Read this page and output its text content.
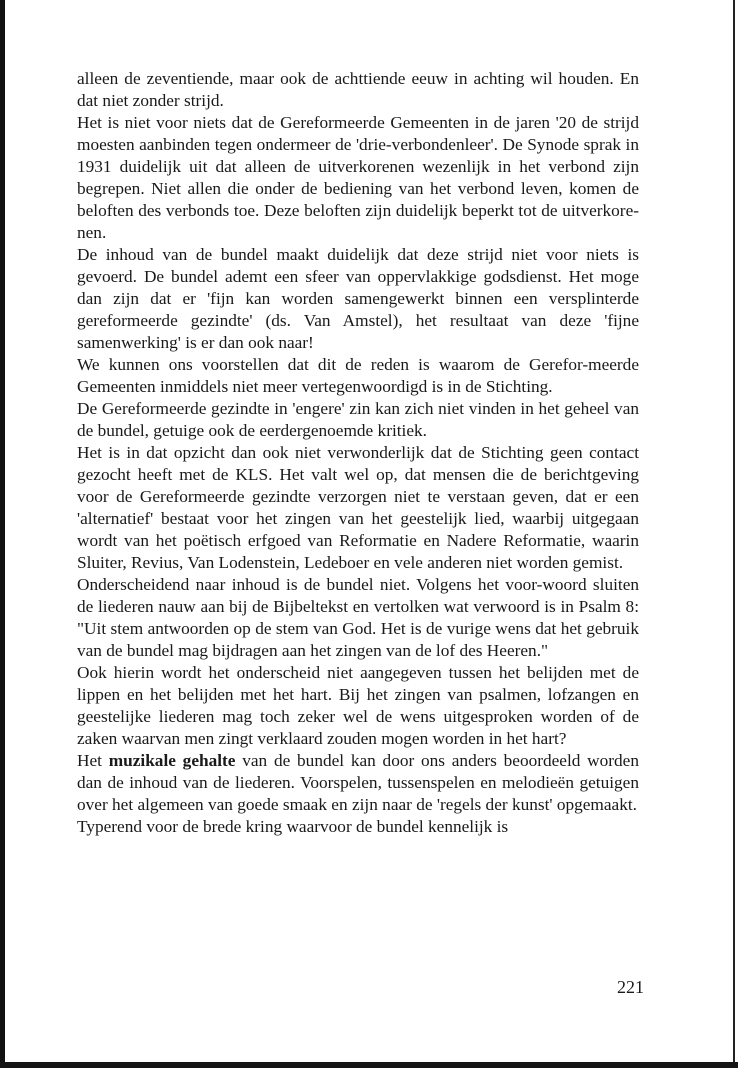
alleen de zeventiende, maar ook de achttiende eeuw in achting wil houden. En dat niet zonder strijd.

Het is niet voor niets dat de Gereformeerde Gemeenten in de jaren '20 de strijd moesten aanbinden tegen ondermeer de 'drie-verbondenleer'. De Synode sprak in 1931 duidelijk uit dat alleen de uitverkorenen wezenlijk in het verbond zijn begrepen. Niet allen die onder de bediening van het verbond leven, komen de beloften des verbonds toe. Deze beloften zijn duidelijk beperkt tot de uitverkore-nen.

De inhoud van de bundel maakt duidelijk dat deze strijd niet voor niets is gevoerd. De bundel ademt een sfeer van oppervlakkige godsdienst. Het moge dan zijn dat er 'fijn kan worden samengewerkt binnen een versplinterde gereformeerde gezindte' (ds. Van Amstel), het resultaat van deze 'fijne samenwerking' is er dan ook naar!

We kunnen ons voorstellen dat dit de reden is waarom de Gerefor-meerde Gemeenten inmiddels niet meer vertegenwoordigd is in de Stichting.

De Gereformeerde gezindte in 'engere' zin kan zich niet vinden in het geheel van de bundel, getuige ook de eerdergenoemde kritiek.

Het is in dat opzicht dan ook niet verwonderlijk dat de Stichting geen contact gezocht heeft met de KLS. Het valt wel op, dat mensen die de berichtgeving voor de Gereformeerde gezindte verzorgen niet te verstaan geven, dat er een 'alternatief' bestaat voor het zingen van het geestelijk lied, waarbij uitgegaan wordt van het poëtisch erfgoed van Reformatie en Nadere Reformatie, waarin Sluiter, Revius, Van Lodenstein, Ledeboer en vele anderen niet worden gemist.

Onderscheidend naar inhoud is de bundel niet. Volgens het voor-woord sluiten de liederen nauw aan bij de Bijbeltekst en vertolken wat verwoord is in Psalm 8: "Uit stem antwoorden op de stem van God. Het is de vurige wens dat het gebruik van de bundel mag bijdragen aan het zingen van de lof des Heeren."

Ook hierin wordt het onderscheid niet aangegeven tussen het belijden met de lippen en het belijden met het hart. Bij het zingen van psalmen, lofzangen en geestelijke liederen mag toch zeker wel de wens uitgesproken worden of de zaken waarvan men zingt verklaard zouden mogen worden in het hart?

Het muzikale gehalte van de bundel kan door ons anders beoordeeld worden dan de inhoud van de liederen. Voorspelen, tussenspelen en melodieën getuigen over het algemeen van goede smaak en zijn naar de 'regels der kunst' opgemaakt.

Typerend voor de brede kring waarvoor de bundel kennelijk is

221
